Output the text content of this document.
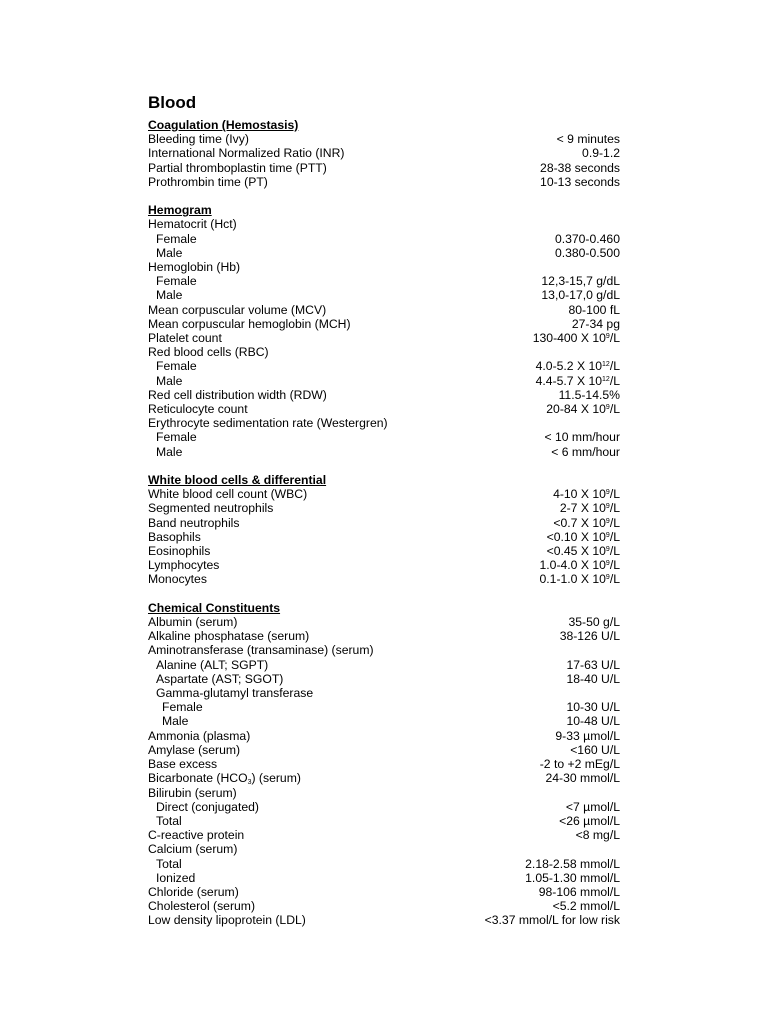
Blood
Coagulation (Hemostasis)
Bleeding time (Ivy)	< 9 minutes
International Normalized Ratio (INR)	0.9-1.2
Partial thromboplastin time (PTT)	28-38 seconds
Prothrombin time (PT)	10-13 seconds
Hemogram
Hematocrit (Hct)
Female	0.370-0.460
Male	0.380-0.500
Hemoglobin (Hb)
Female	12,3-15,7 g/dL
Male	13,0-17,0 g/dL
Mean corpuscular volume (MCV)	80-100 fL
Mean corpuscular hemoglobin (MCH)	27-34 pg
Platelet count	130-400 X $10^9/L$
Red blood cells (RBC)
Female	4.0-5.2 X $10^{12}/L$
Male	4.4-5.7 X $10^{12}/L$
Red cell distribution width (RDW)	11.5-14.5%
Reticulocyte count	20-84 X $10^9/L$
Erythrocyte sedimentation rate (Westergren)
Female	< 10 mm/hour
Male	< 6 mm/hour
White blood cells & differential
White blood cell count (WBC)	4-10 X $10^9/L$
Segmented neutrophils	2-7 X $10^9/L$
Band neutrophils	<0.7 X $10^9/L$
Basophils	<0.10 X $10^9/L$
Eosinophils	<0.45 X $10^9/L$
Lymphocytes	1.0-4.0 X $10^9/L$
Monocytes	0.1-1.0 X $10^9/L$
Chemical Constituents
Albumin (serum)	35-50 g/L
Alkaline phosphatase (serum)	38-126 U/L
Aminotransferase (transaminase) (serum)
Alanine (ALT; SGPT)	17-63 U/L
Aspartate (AST; SGOT)	18-40 U/L
Gamma-glutamyl transferase
Female	10-30 U/L
Male	10-48 U/L
Ammonia (plasma)	9-33 µmol/L
Amylase (serum)	<160 U/L
Base excess	-2 to +2 mEg/L
Bicarbonate $(HCO_3)$ (serum)	24-30 mmol/L
Bilirubin (serum)
Direct (conjugated)	<7 µmol/L
Total	<26 µmol/L
C-reactive protein	<8 mg/L
Calcium (serum)
Total	2.18-2.58 mmol/L
Ionized	1.05-1.30 mmol/L
Chloride (serum)	98-106 mmol/L
Cholesterol (serum)	<5.2 mmol/L
Low density lipoprotein (LDL)	<3.37 mmol/L for low risk
